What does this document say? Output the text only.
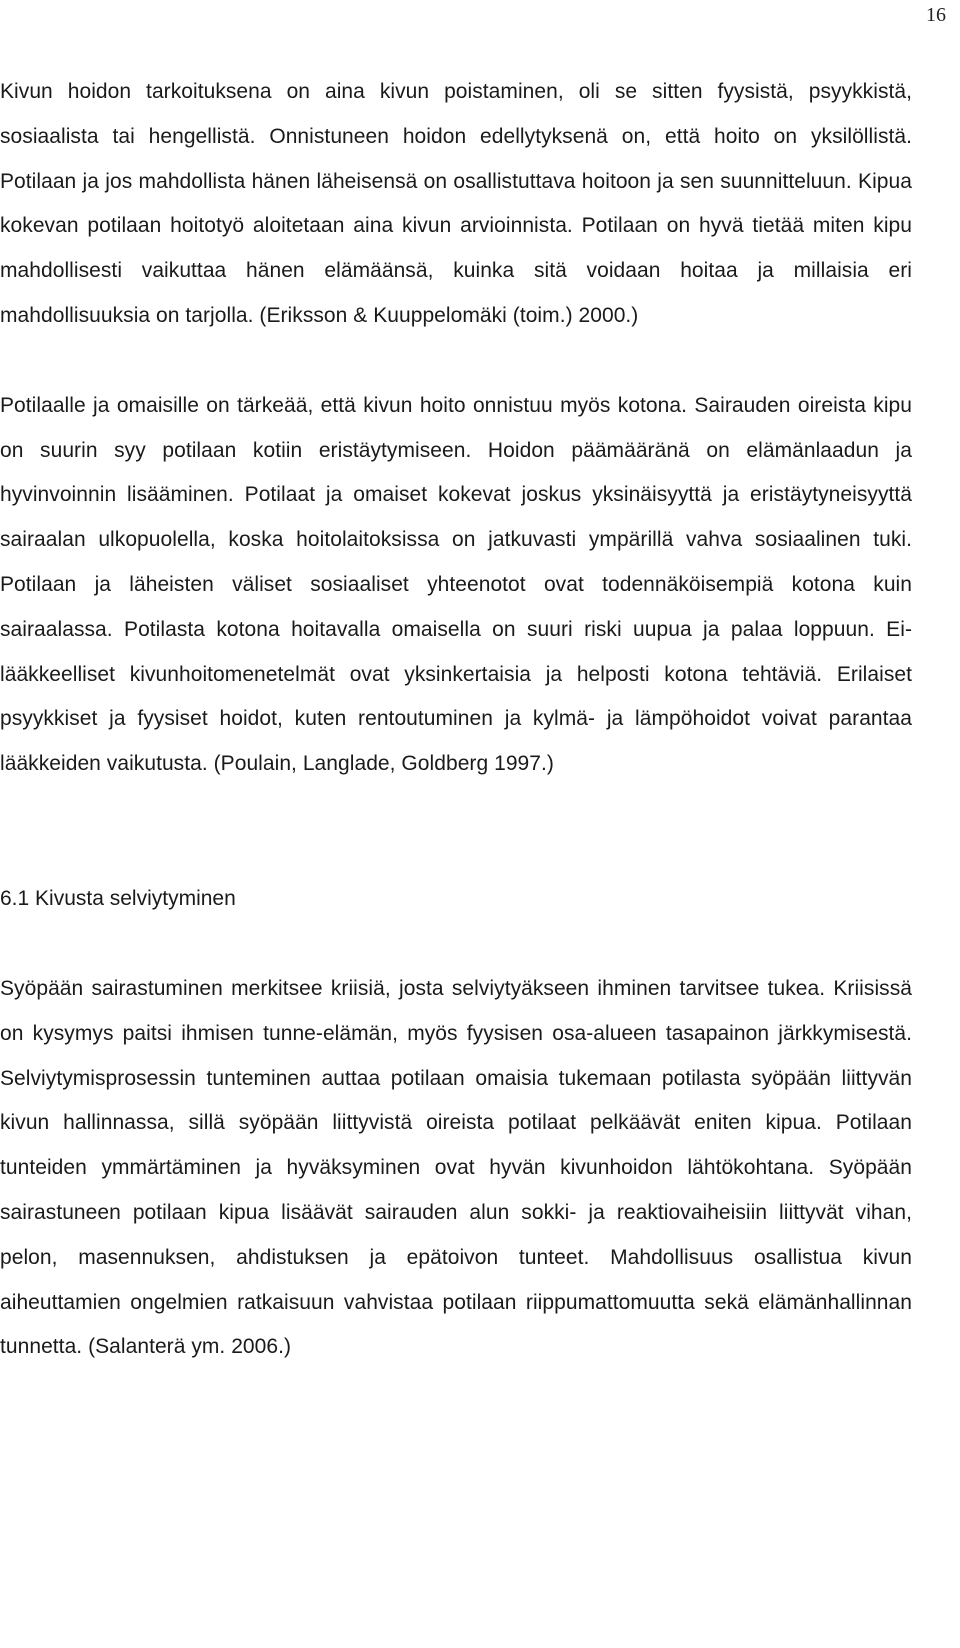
16

Kivun hoidon tarkoituksena on aina kivun poistaminen, oli se sitten fyysistä, psyykkistä, sosiaalista tai hengellistä. Onnistuneen hoidon edellytyksenä on, että hoito on yksilöllistä. Potilaan ja jos mahdollista hänen läheisensä on osallistuttava hoitoon ja sen suunnitteluun. Kipua kokevan potilaan hoitotyö aloitetaan aina kivun arvioinnista. Potilaan on hyvä tietää miten kipu mahdollisesti vaikuttaa hänen elämäänsä, kuinka sitä voidaan hoitaa ja millaisia eri mahdollisuuksia on tarjolla. (Eriksson & Kuuppelomäki (toim.) 2000.)

Potilaalle ja omaisille on tärkeää, että kivun hoito onnistuu myös kotona. Sairauden oireista kipu on suurin syy potilaan kotiin eristäytymiseen. Hoidon päämääränä on elämänlaadun ja hyvinvoinnin lisääminen. Potilaat ja omaiset kokevat joskus yksinäisyyttä ja eristäytyneisyyttä sairaalan ulkopuolella, koska hoitolaitoksissa on jatkuvasti ympärillä vahva sosiaalinen tuki. Potilaan ja läheisten väliset sosiaaliset yhteenotot ovat todennäköisempiä kotona kuin sairaalassa. Potilasta kotona hoitavalla omaisella on suuri riski uupua ja palaa loppuun. Ei-lääkkeelliset kivunhoitomenetelmät ovat yksinkertaisia ja helposti kotona tehtäviä. Erilaiset psyykkiset ja fyysiset hoidot, kuten rentoutuminen ja kylmä- ja lämpöhoidot voivat parantaa lääkkeiden vaikutusta. (Poulain, Langlade, Goldberg 1997.)

6.1 Kivusta selviytyminen

Syöpään sairastuminen merkitsee kriisiä, josta selviytyäkseen ihminen tarvitsee tukea. Kriisissä on kysymys paitsi ihmisen tunne-elämän, myös fyysisen osa-alueen tasapainon järkkymisestä. Selviytymisprosessin tunteminen auttaa potilaan omaisia tukemaan potilasta syöpään liittyvän kivun hallinnassa, sillä syöpään liittyvistä oireista potilaat pelkäävät eniten kipua. Potilaan tunteiden ymmärtäminen ja hyväksyminen ovat hyvän kivunhoidon lähtökohtana. Syöpään sairastuneen potilaan kipua lisäävät sairauden alun sokki- ja reaktiovaiheisiin liittyvät vihan, pelon, masennuksen, ahdistuksen ja epätoivon tunteet. Mahdollisuus osallistua kivun aiheuttamien ongelmien ratkaisuun vahvistaa potilaan riippumattomuutta sekä elämänhallinnan tunnetta. (Salanterä ym. 2006.)
